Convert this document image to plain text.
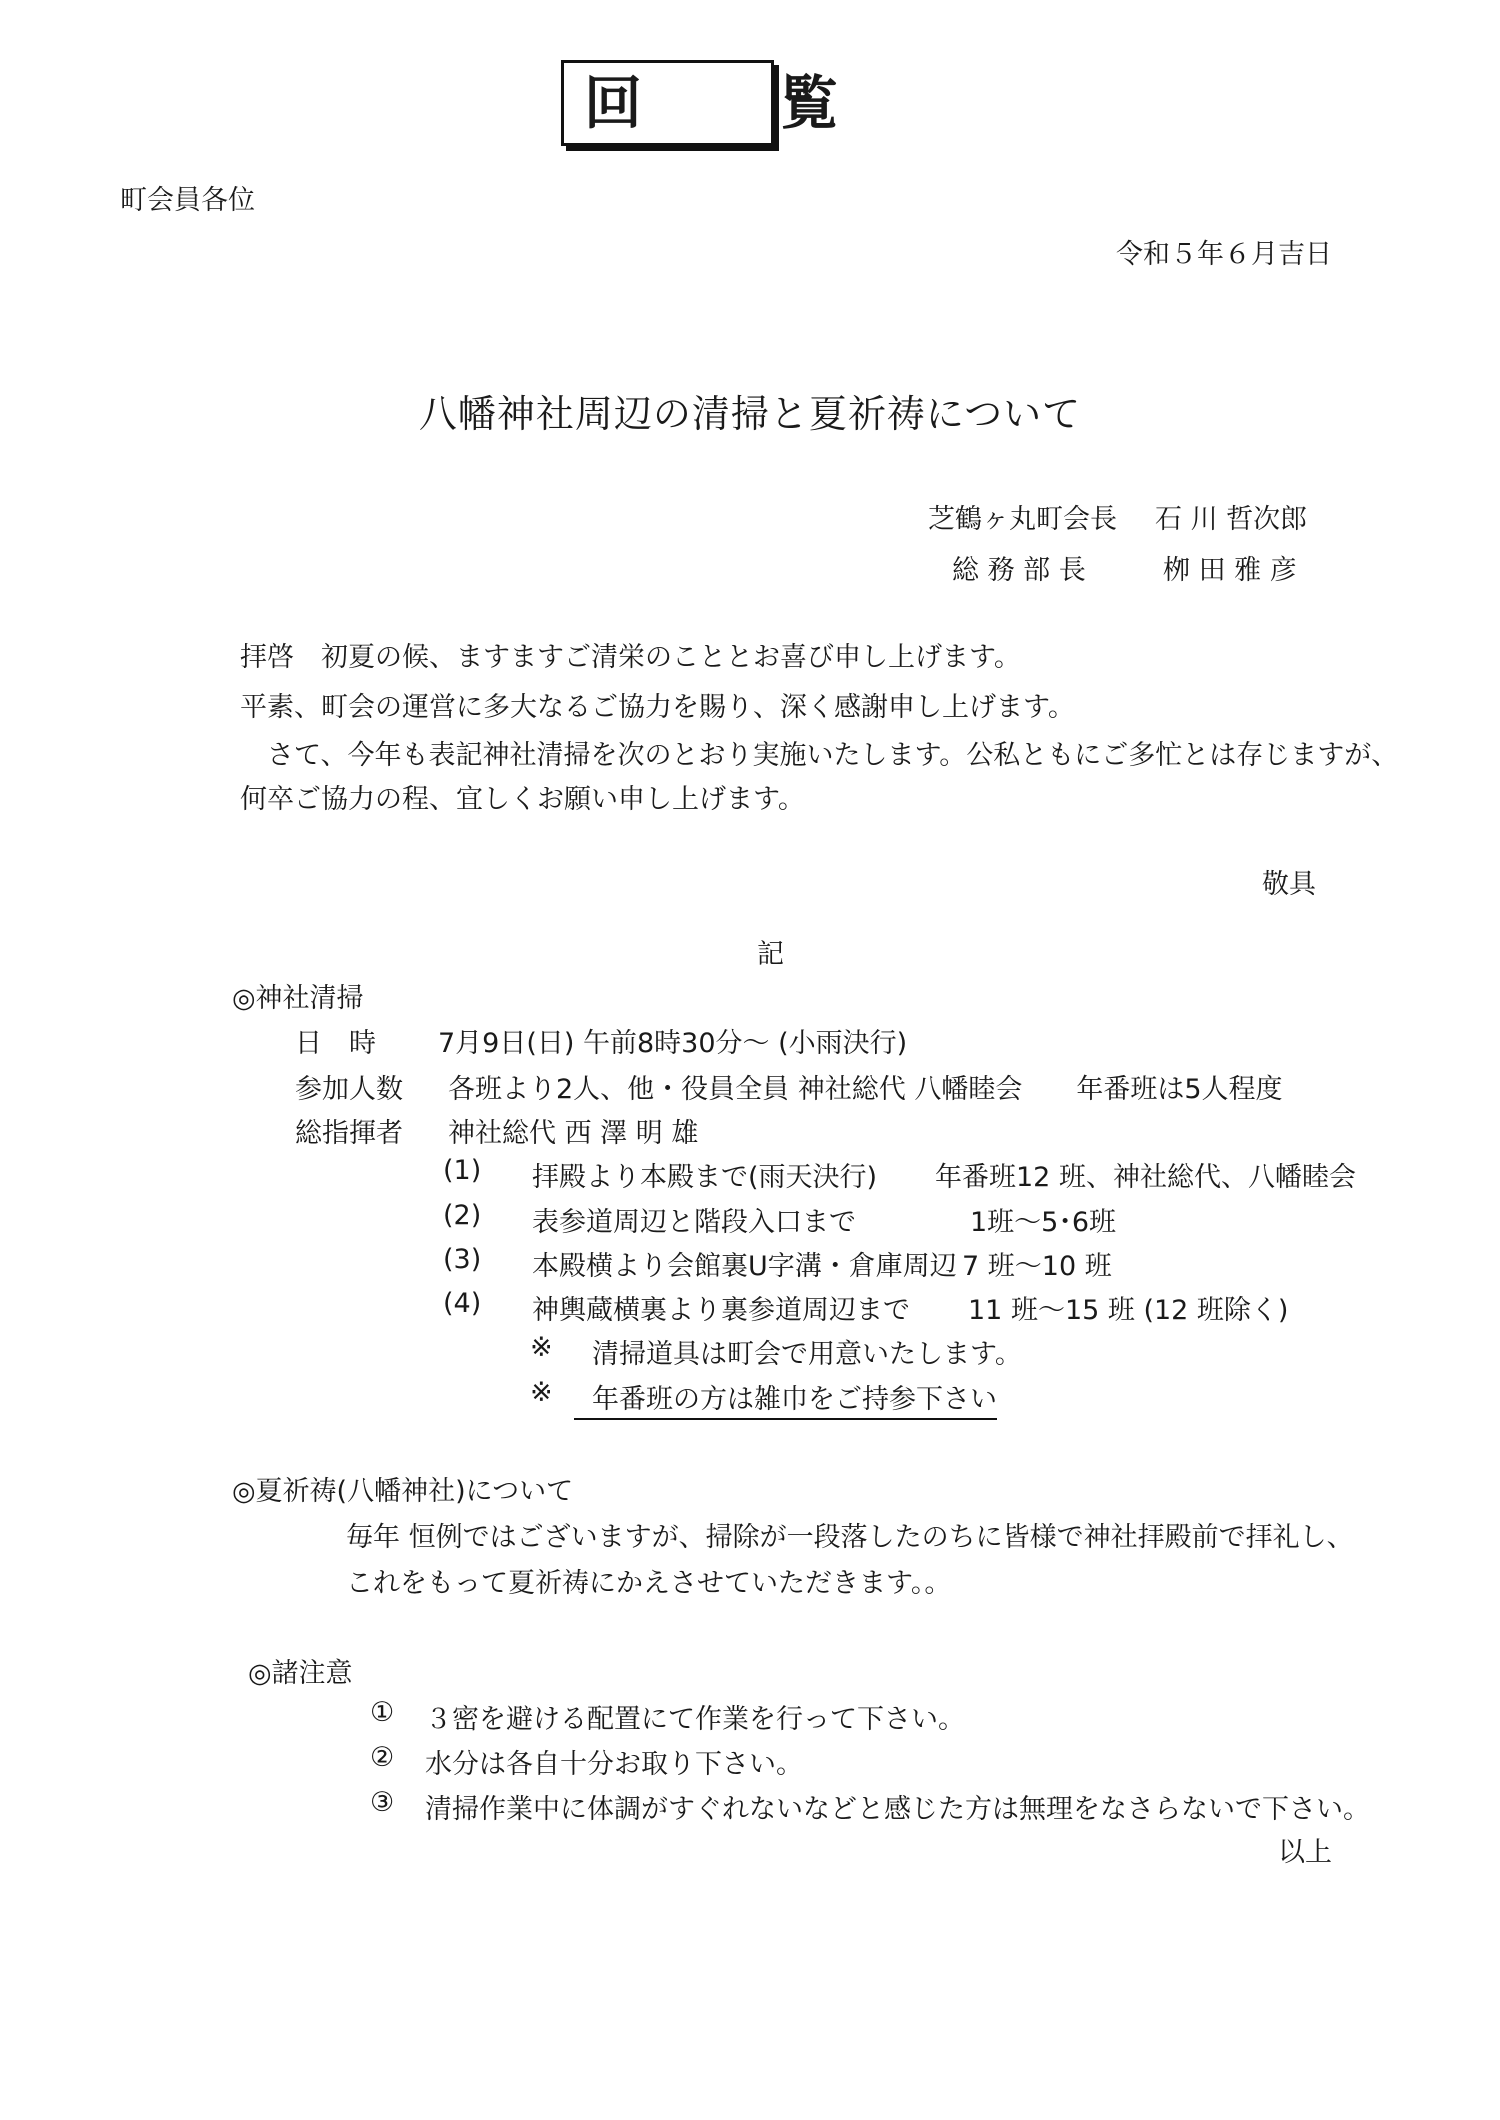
回　覧
町会員各位
令和５年６月吉日
八幡神社周辺の清掃と夏祈祷について
芝鶴ヶ丸町会長 石 川 哲次郎
総 務 部 長	栁 田 雅 彦
拝啓　初夏の候、ますますご清栄のこととお喜び申し上げます。
平素、町会の運営に多大なるご協力を賜り、深く感謝申し上げます。
　さて、今年も表記神社清掃を次のとおり実施いたします。公私ともにご多忙とは存じますが、
何卒ご協力の程、宜しくお願い申し上げます。
敬具
記
◎神社清掃
日　時 7月9日(日) 午前8時30分～ (小雨決行)
参加人数 各班より2人、他・役員全員 神社総代 八幡睦会　　年番班は5人程度
総指揮者 神社総代 西 澤 明 雄
(1) 拝殿より本殿まで(雨天決行) 年番班12 班、神社総代、八幡睦会
(2) 表参道周辺と階段入口まで	1班～5･6班
(3) 本殿横より会館裏U字溝・倉庫周辺 7 班～10 班
(4) 神輿蔵横裏より裏参道周辺まで 11 班～15 班 (12 班除く)
※ 清掃道具は町会で用意いたします。
※	年番班の方は雑巾をご持参下さい
◎夏祈祷(八幡神社)について
毎年 恒例ではございますが、掃除が一段落したのちに皆様で神社拝殿前で拝礼し、
これをもって夏祈祷にかえさせていただきます。。
◎諸注意
① ３密を避ける配置にて作業を行って下さい。
② 水分は各自十分お取り下さい。
③ 清掃作業中に体調がすぐれないなどと感じた方は無理をなさらないで下さい。
以上
